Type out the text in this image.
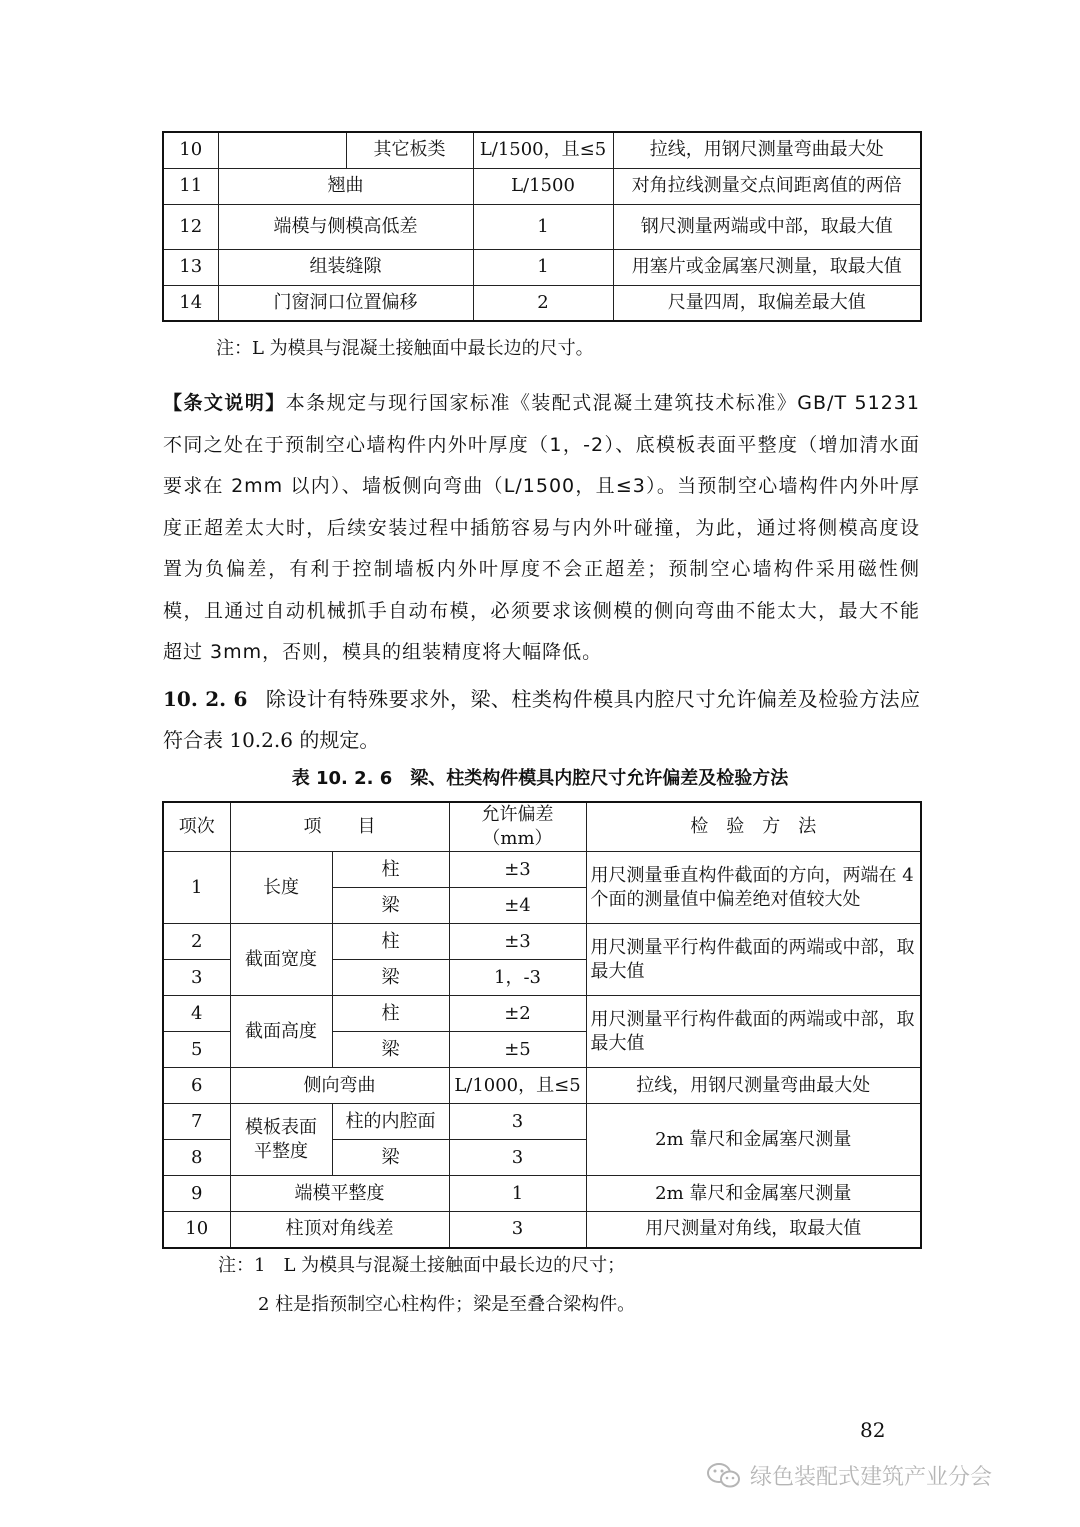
10		其它板类	L/1500，且≤5	拉线，用钢尺测量弯曲最大处
11	翘曲		L/1500	对角拉线测量交点间距离值的两倍
12	端模与侧模高低差		1	钢尺测量两端或中部，取最大值
13	组装缝隙		1	用塞片或金属塞尺测量，取最大值
14	门窗洞口位置偏移		2	尺量四周，取偏差最大值
注：L 为模具与混凝土接触面中最长边的尺寸。
【条文说明】本条规定与现行国家标准《装配式混凝土建筑技术标准》GB/T 51231 不同之处在于预制空心墙构件内外叶厚度（1，-2）、底模板表面平整度（增加清水面要求在 2mm 以内）、墙板侧向弯曲（L/1500，且≤3）。当预制空心墙构件内外叶厚度正超差太大时，后续安装过程中插筋容易与内外叶碰撞，为此，通过将侧模高度设置为负偏差，有利于控制墙板内外叶厚度不会正超差；预制空心墙构件采用磁性侧模，且通过自动机械抓手自动布模，必须要求该侧模的侧向弯曲不能太大，最大不能超过 3mm，否则，模具的组装精度将大幅降低。
10. 2. 6 除设计有特殊要求外，梁、柱类构件模具内腔尺寸允许偏差及检验方法应符合表 10.2.6 的规定。
表 10. 2. 6　梁、柱类构件模具内腔尺寸允许偏差及检验方法
项次	项　　目		允许偏差（mm）	检　验　方　法
1	长度	柱	±3	用尺测量垂直构件截面的方向，两端在 4 个面的测量值中偏差绝对值较大处
		梁	±4	
2	截面宽度	柱	±3	用尺测量平行构件截面的两端或中部，取最大值
3		梁	1，-3	
4	截面高度	柱	±2	用尺测量平行构件截面的两端或中部，取最大值
5		梁	±5	
6	侧向弯曲		L/1000，且≤5	拉线，用钢尺测量弯曲最大处
7	模板表面平整度	柱的内腔面	3	2m 靠尺和金属塞尺测量
8		梁	3	
9	端模平整度		1	2m 靠尺和金属塞尺测量
10	柱顶对角线差		3	用尺测量对角线，取最大值
注：1　L 为模具与混凝土接触面中最长边的尺寸；
2 柱是指预制空心柱构件；梁是至叠合梁构件。
82
绿色装配式建筑产业分会
